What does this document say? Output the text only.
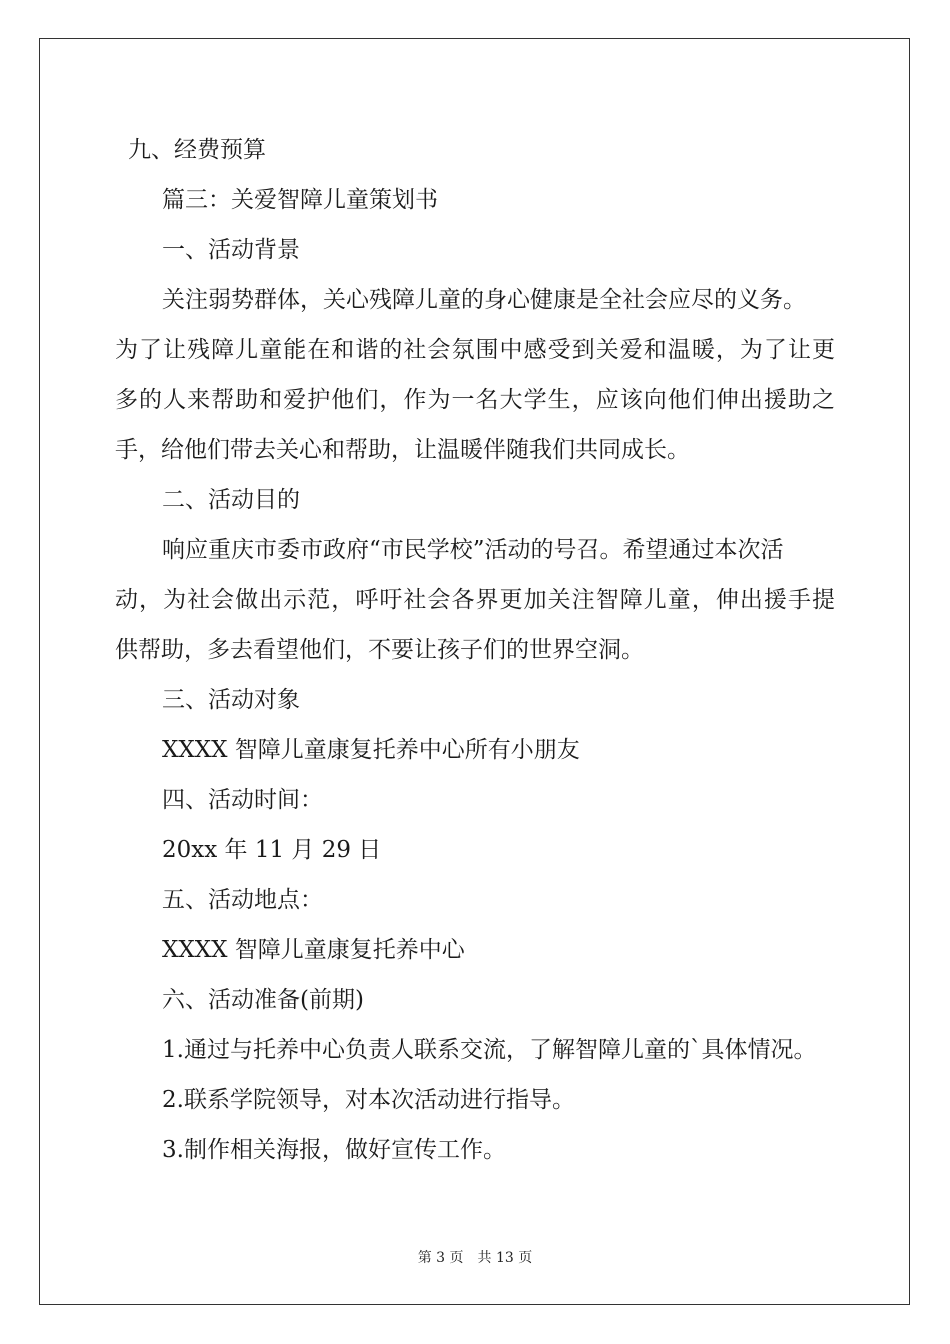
九、经费预算
篇三：关爱智障儿童策划书
一、活动背景
关注弱势群体，关心残障儿童的身心健康是全社会应尽的义务。
为了让残障儿童能在和谐的社会氛围中感受到关爱和温暖，为了让更
多的人来帮助和爱护他们，作为一名大学生，应该向他们伸出援助之
手，给他们带去关心和帮助，让温暖伴随我们共同成长。
二、活动目的
响应重庆市委市政府“市民学校”活动的号召。希望通过本次活
动，为社会做出示范，呼吁社会各界更加关注智障儿童，伸出援手提
供帮助，多去看望他们，不要让孩子们的世界空洞。
三、活动对象
XXXX 智障儿童康复托养中心所有小朋友
四、活动时间：
20xx 年 11 月 29 日
五、活动地点：
XXXX 智障儿童康复托养中心
六、活动准备(前期)
1.通过与托养中心负责人联系交流，了解智障儿童的`具体情况。
2.联系学院领导，对本次活动进行指导。
3.制作相关海报，做好宣传工作。
第 3 页　共 13 页
